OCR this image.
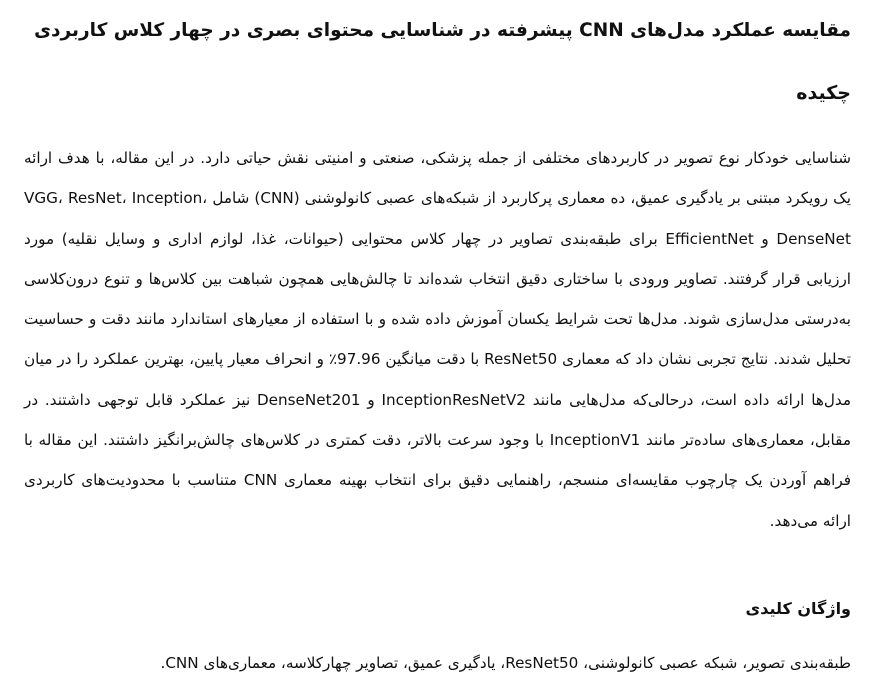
مقایسه عملکرد مدل‌های CNN پیشرفته در شناسایی محتوای بصری در چهار کلاس کاربردی
چکیده

شناسایی خودکار نوع تصویر در کاربردهای مختلفی از جمله پزشکی، صنعتی و امنیتی نقش حیاتی دارد. در این مقاله، با هدف ارائه یک رویکرد مبتنی بر یادگیری عمیق، ده معماری پرکاربرد از شبکه‌های عصبی کانولوشنی (CNN) شامل VGG، ResNet، Inception، DenseNet و EfficientNet برای طبقه‌بندی تصاویر در چهار کلاس محتوایی (حیوانات، غذا، لوازم اداری و وسایل نقلیه) مورد ارزیابی قرار گرفتند. تصاویر ورودی با ساختاری دقیق انتخاب شده‌اند تا چالش‌هایی همچون شباهت بین کلاس‌ها و تنوع درون‌کلاسی به‌درستی مدل‌سازی شوند. مدل‌ها تحت شرایط یکسان آموزش داده شده و با استفاده از معیارهای استاندارد مانند دقت و حساسیت تحلیل شدند. نتایج تجربی نشان داد که معماری ResNet50 با دقت میانگین 97.96٪ و انحراف معیار پایین، بهترین عملکرد را در میان مدل‌ها ارائه داده است، درحالی‌که مدل‌هایی مانند InceptionResNetV2 و DenseNet201 نیز عملکرد قابل توجهی داشتند. در مقابل، معماری‌های ساده‌تر مانند InceptionV1 با وجود سرعت بالاتر، دقت کمتری در کلاس‌های چالش‌برانگیز داشتند. این مقاله با فراهم آوردن یک چارچوب مقایسه‌ای منسجم، راهنمایی دقیق برای انتخاب بهینه معماری CNN متناسب با محدودیت‌های کاربردی ارائه می‌دهد.

واژگان کلیدی

طبقه‌بندی تصویر، شبکه عصبی کانولوشنی، ResNet50، یادگیری عمیق، تصاویر چهارکلاسه، معماری‌های CNN.
